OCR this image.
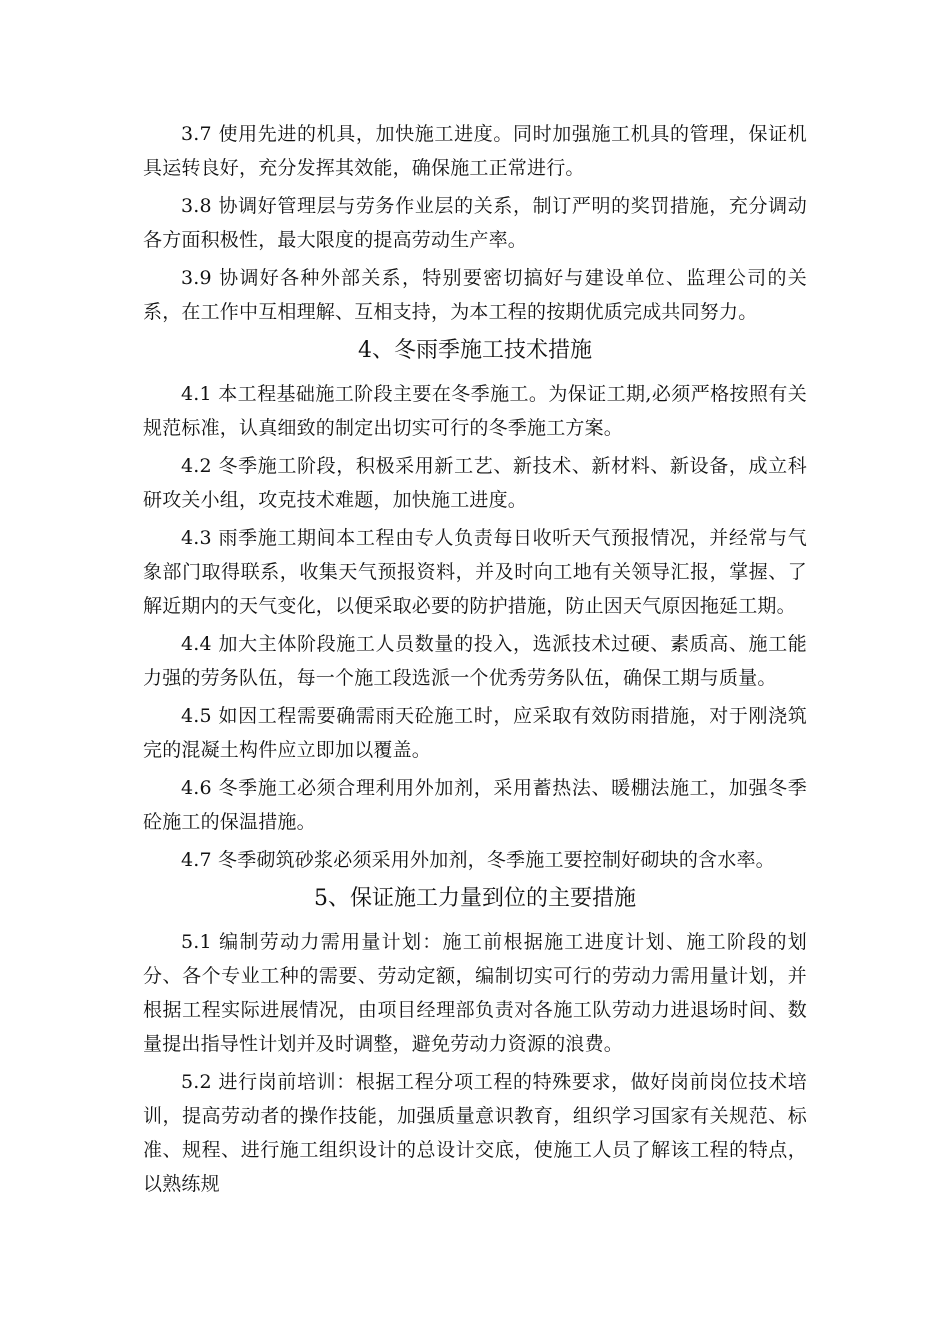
3.7 使用先进的机具，加快施工进度。同时加强施工机具的管理，保证机具运转良好，充分发挥其效能，确保施工正常进行。

3.8 协调好管理层与劳务作业层的关系，制订严明的奖罚措施，充分调动各方面积极性，最大限度的提高劳动生产率。

3.9 协调好各种外部关系，特别要密切搞好与建设单位、监理公司的关系，在工作中互相理解、互相支持，为本工程的按期优质完成共同努力。

4、冬雨季施工技术措施

4.1 本工程基础施工阶段主要在冬季施工。为保证工期,必须严格按照有关规范标准，认真细致的制定出切实可行的冬季施工方案。

4.2 冬季施工阶段，积极采用新工艺、新技术、新材料、新设备，成立科研攻关小组，攻克技术难题，加快施工进度。

4.3 雨季施工期间本工程由专人负责每日收听天气预报情况，并经常与气象部门取得联系，收集天气预报资料，并及时向工地有关领导汇报，掌握、了解近期内的天气变化，以便采取必要的防护措施，防止因天气原因拖延工期。

4.4 加大主体阶段施工人员数量的投入，选派技术过硬、素质高、施工能力强的劳务队伍，每一个施工段选派一个优秀劳务队伍，确保工期与质量。

4.5 如因工程需要确需雨天砼施工时，应采取有效防雨措施，对于刚浇筑完的混凝土构件应立即加以覆盖。

4.6 冬季施工必须合理利用外加剂，采用蓄热法、暖棚法施工，加强冬季砼施工的保温措施。

4.7 冬季砌筑砂浆必须采用外加剂，冬季施工要控制好砌块的含水率。

5、保证施工力量到位的主要措施

5.1 编制劳动力需用量计划：施工前根据施工进度计划、施工阶段的划分、各个专业工种的需要、劳动定额，编制切实可行的劳动力需用量计划，并根据工程实际进展情况，由项目经理部负责对各施工队劳动力进退场时间、数量提出指导性计划并及时调整，避免劳动力资源的浪费。

5.2 进行岗前培训：根据工程分项工程的特殊要求，做好岗前岗位技术培训，提高劳动者的操作技能，加强质量意识教育，组织学习国家有关规范、标准、规程、进行施工组织设计的总设计交底，使施工人员了解该工程的特点，以熟练规
